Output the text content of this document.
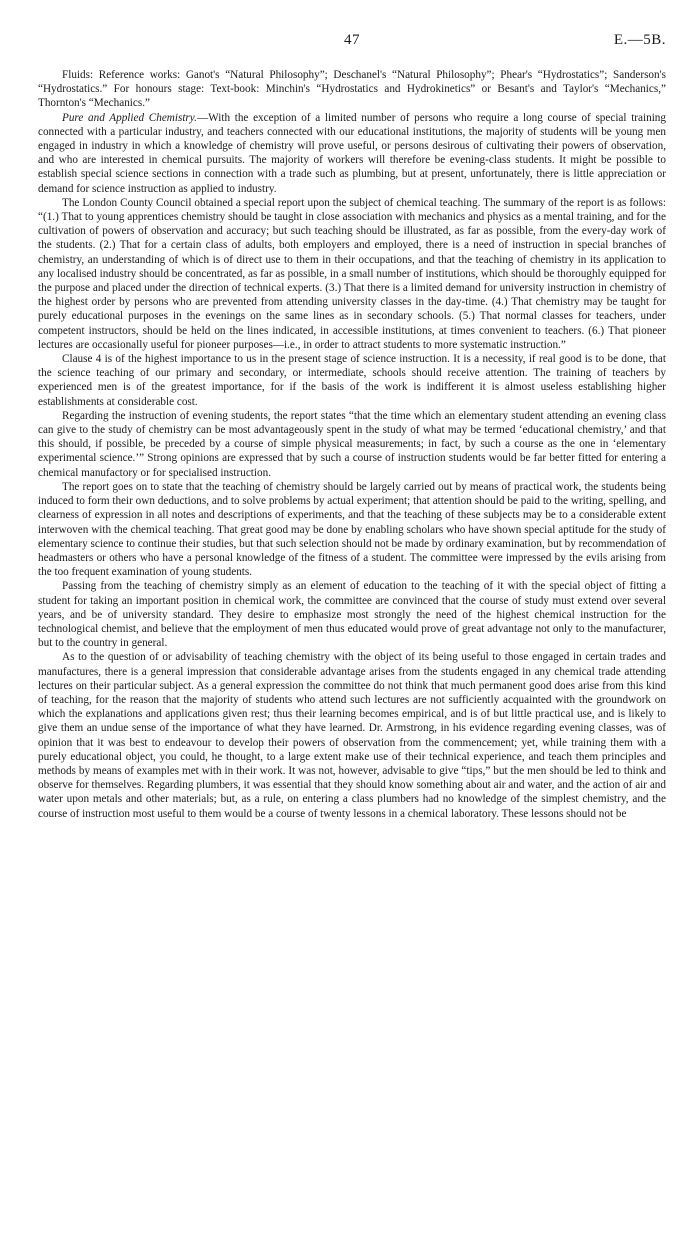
47	E.—5B.

Fluids: Reference works: Ganot's “Natural Philosophy”; Deschanel's “Natural Philosophy”; Phear's “Hydrostatics”; Sanderson's “Hydrostatics.” For honours stage: Text-book: Minchin's “Hydrostatics and Hydrokinetics” or Besant's and Taylor's “Mechanics,” Thornton's “Mechanics.”

Pure and Applied Chemistry.—With the exception of a limited number of persons who require a long course of special training connected with a particular industry, and teachers connected with our educational institutions, the majority of students will be young men engaged in industry in which a knowledge of chemistry will prove useful, or persons desirous of cultivating their powers of observation, and who are interested in chemical pursuits. The majority of workers will therefore be evening-class students. It might be possible to establish special science sections in connection with a trade such as plumbing, but at present, unfortunately, there is little appreciation or demand for science instruction as applied to industry.

The London County Council obtained a special report upon the subject of chemical teaching. The summary of the report is as follows: “(1.) That to young apprentices chemistry should be taught in close association with mechanics and physics as a mental training, and for the cultivation of powers of observation and accuracy; but such teaching should be illustrated, as far as possible, from the every-day work of the students. (2.) That for a certain class of adults, both employers and employed, there is a need of instruction in special branches of chemistry, an understanding of which is of direct use to them in their occupations, and that the teaching of chemistry in its application to any localised industry should be concentrated, as far as possible, in a small number of institutions, which should be thoroughly equipped for the purpose and placed under the direction of technical experts. (3.) That there is a limited demand for university instruction in chemistry of the highest order by persons who are prevented from attending university classes in the day-time. (4.) That chemistry may be taught for purely educational purposes in the evenings on the same lines as in secondary schools. (5.) That normal classes for teachers, under competent instructors, should be held on the lines indicated, in accessible institutions, at times convenient to teachers. (6.) That pioneer lectures are occasionally useful for pioneer purposes—i.e., in order to attract students to more systematic instruction.”

Clause 4 is of the highest importance to us in the present stage of science instruction. It is a necessity, if real good is to be done, that the science teaching of our primary and secondary, or intermediate, schools should receive attention. The training of teachers by experienced men is of the greatest importance, for if the basis of the work is indifferent it is almost useless establishing higher establishments at considerable cost.

Regarding the instruction of evening students, the report states “that the time which an elementary student attending an evening class can give to the study of chemistry can be most advantageously spent in the study of what may be termed ‘educational chemistry,’ and that this should, if possible, be preceded by a course of simple physical measurements; in fact, by such a course as the one in ‘elementary experimental science.’” Strong opinions are expressed that by such a course of instruction students would be far better fitted for entering a chemical manufactory or for specialised instruction.

The report goes on to state that the teaching of chemistry should be largely carried out by means of practical work, the students being induced to form their own deductions, and to solve problems by actual experiment; that attention should be paid to the writing, spelling, and clearness of expression in all notes and descriptions of experiments, and that the teaching of these subjects may be to a considerable extent interwoven with the chemical teaching. That great good may be done by enabling scholars who have shown special aptitude for the study of elementary science to continue their studies, but that such selection should not be made by ordinary examination, but by recommendation of headmasters or others who have a personal knowledge of the fitness of a student. The committee were impressed by the evils arising from the too frequent examination of young students.

Passing from the teaching of chemistry simply as an element of education to the teaching of it with the special object of fitting a student for taking an important position in chemical work, the committee are convinced that the course of study must extend over several years, and be of university standard. They desire to emphasize most strongly the need of the highest chemical instruction for the technological chemist, and believe that the employment of men thus educated would prove of great advantage not only to the manufacturer, but to the country in general.

As to the question of or advisability of teaching chemistry with the object of its being useful to those engaged in certain trades and manufactures, there is a general impression that considerable advantage arises from the students engaged in any chemical trade attending lectures on their particular subject. As a general expression the committee do not think that much permanent good does arise from this kind of teaching, for the reason that the majority of students who attend such lectures are not sufficiently acquainted with the groundwork on which the explanations and applications given rest; thus their learning becomes empirical, and is of but little practical use, and is likely to give them an undue sense of the importance of what they have learned. Dr. Armstrong, in his evidence regarding evening classes, was of opinion that it was best to endeavour to develop their powers of observation from the commencement; yet, while training them with a purely educational object, you could, he thought, to a large extent make use of their technical experience, and teach them principles and methods by means of examples met with in their work. It was not, however, advisable to give “tips,” but the men should be led to think and observe for themselves. Regarding plumbers, it was essential that they should know something about air and water, and the action of air and water upon metals and other materials; but, as a rule, on entering a class plumbers had no knowledge of the simplest chemistry, and the course of instruction most useful to them would be a course of twenty lessons in a chemical laboratory. These lessons should not be
